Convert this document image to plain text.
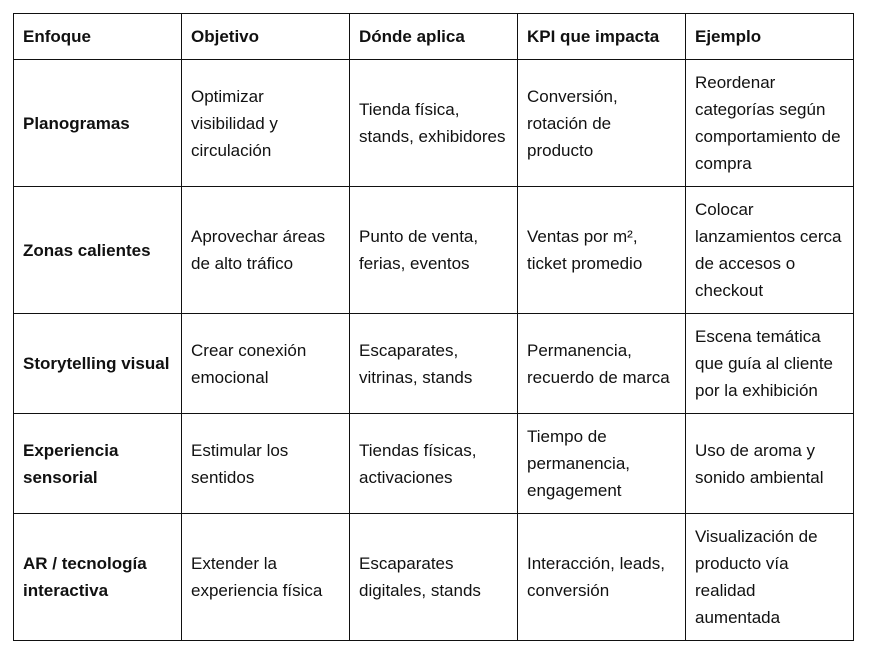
Enfoque	Objetivo	Dónde aplica	KPI que impacta	Ejemplo
Planogramas	Optimizar visibilidad y circulación	Tienda física, stands, exhibidores	Conversión, rotación de producto	Reordenar categorías según comportamiento de compra
Zonas calientes	Aprovechar áreas de alto tráfico	Punto de venta, ferias, eventos	Ventas por m², ticket promedio	Colocar lanzamientos cerca de accesos o checkout
Storytelling visual	Crear conexión emocional	Escaparates, vitrinas, stands	Permanencia, recuerdo de marca	Escena temática que guía al cliente por la exhibición
Experiencia sensorial	Estimular los sentidos	Tiendas físicas, activaciones	Tiempo de permanencia, engagement	Uso de aroma y sonido ambiental
AR / tecnología interactiva	Extender la experiencia física	Escaparates digitales, stands	Interacción, leads, conversión	Visualización de producto vía realidad aumentada
